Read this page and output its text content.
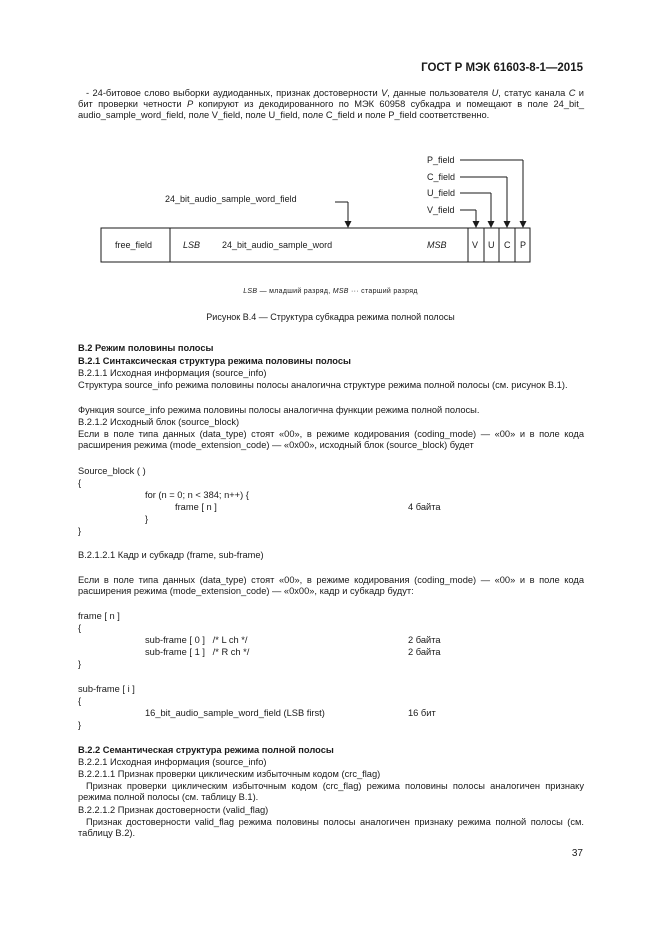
ГОСТ Р МЭК 61603-8-1—2015
- 24-битовое слово выборки аудиоданных, признак достоверности V, данные пользователя U, статус канала C и бит проверки четности P копируют из декодированного по МЭК 60958 субкадра и помещают в поле 24_bit_ audio_sample_word_field, поле V_field, поле U_field, поле C_field и поле P_field соответственно.
free_field	LSB 24_bit_audio_sample_word	MSB	V U C P
24_bit_audio_sample_word_field
P_field
C_field
U_field
V_field
LSB — младший разряд, MSB ··· старший разряд
Рисунок В.4 — Структура субкадра режима полной полосы
В.2 Режим половины полосы
В.2.1 Синтаксическая структура режима половины полосы
В.2.1.1 Исходная информация (source_info)
Структура source_info режима половины полосы аналогична структуре режима полной полосы (см. рисунок В.1).
Функция source_info режима половины полосы аналогична функции режима полной полосы.
В.2.1.2 Исходный блок (source_block)
Если в поле типа данных (data_type) стоят «00», в режиме кодирования (coding_mode) — «00» и в поле кода расширения режима (mode_extension_code) — «0x00», исходный блок (source_block) будет
Source_block ( )
{
for (n = 0; n < 384; n++) {
frame [ n ]	4 байта
}
}
В.2.1.2.1 Кадр и субкадр (frame, sub-frame)
Если в поле типа данных (data_type) стоят «00», в режиме кодирования (coding_mode) — «00» и в поле кода расширения режима (mode_extension_code) — «0x00», кадр и субкадр будут:
frame [ n ]
{
sub-frame [ 0 ]   /* L ch */	2 байта
sub-frame [ 1 ]   /* R ch */	2 байта
}
sub-frame [ i ]
{
16_bit_audio_sample_word_field (LSB first)	16 бит
}
В.2.2 Семантическая структура режима полной полосы
В.2.2.1 Исходная информация (source_info)
В.2.2.1.1 Признак проверки циклическим избыточным кодом (crc_flag)
Признак проверки циклическим избыточным кодом (crc_flag) режима половины полосы аналогичен признаку режима полной полосы (см. таблицу В.1).
В.2.2.1.2 Признак достоверности (valid_flag)
Признак достоверности valid_flag режима половины полосы аналогичен признаку режима полной полосы (см. таблицу В.2).
37
